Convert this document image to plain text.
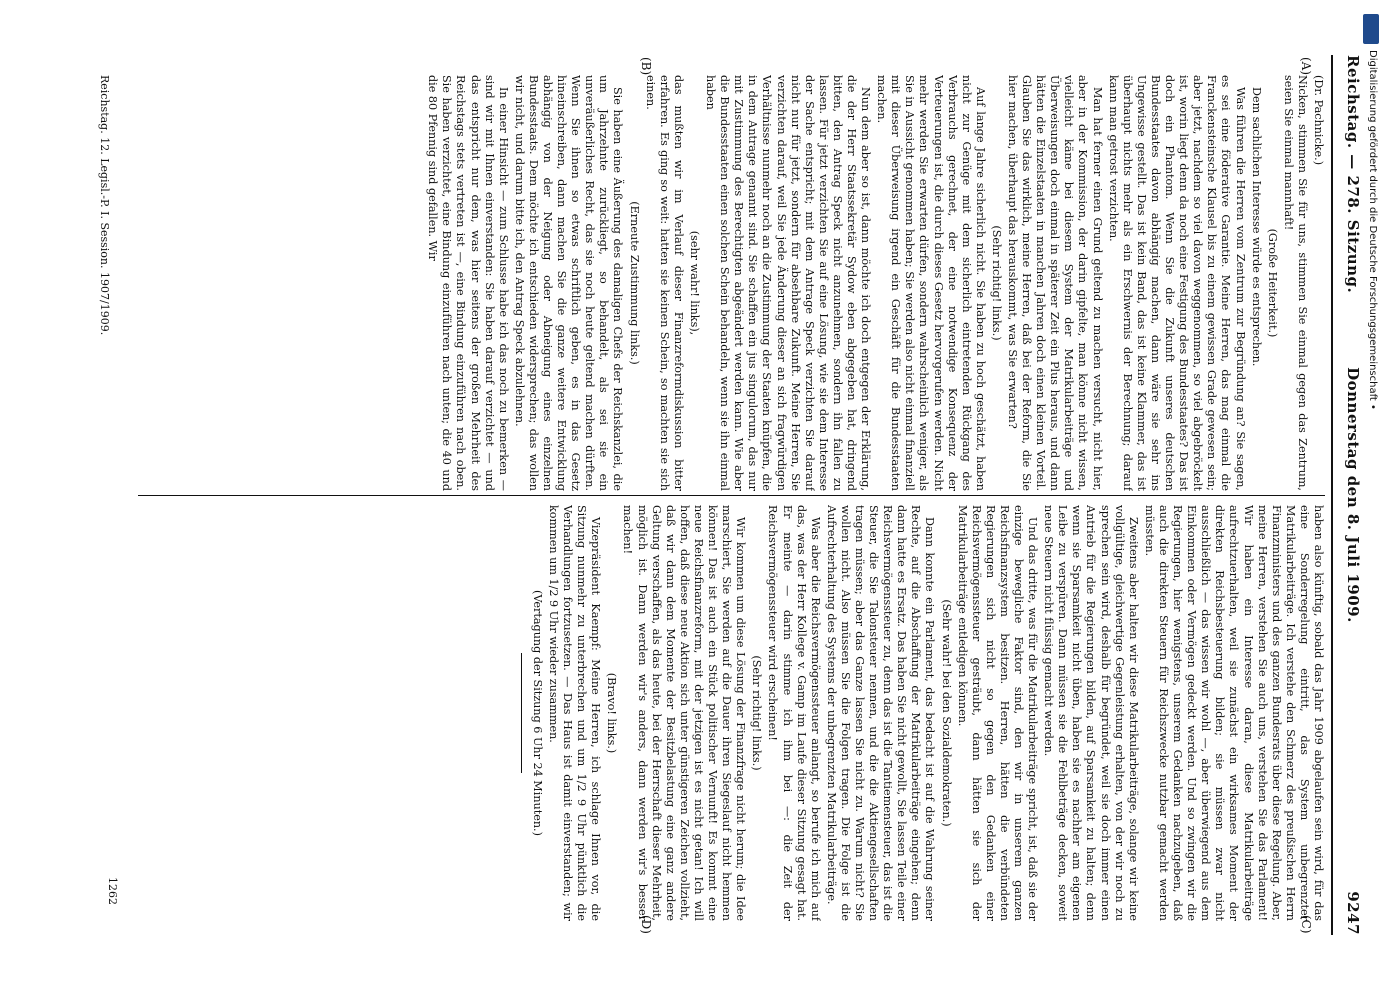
Reichstag. — 278. Sitzung.
Donnerstag den 8. Juli 1909.
9247
(A)
(B)
(C)
(D)

(Dr. Pachnicke.)

Nicken, stimmen Sie für uns, stimmen Sie einmal gegen das Zentrum, seien Sie einmal mannhaft!

(Große Heiterkeit.)

Dem sachlichen Interesse würde es entsprechen.

Was führen die Herren vom Zentrum zur Begründung an? Sie sagen, es sei eine föderative Garantie. Meine Herren, das mag einmal die Franckensteinsche Klausel bis zu einem gewissen Grade gewesen sein; aber jetzt, nachdem so viel davon weggenommen, so viel abgebröckelt ist, worin liegt denn da noch eine Festigung des Bundesstaates? Das ist doch ein Phantom. Wenn Sie die Zukunft unseres deutschen Bundesstaates davon abhängig machen, dann wäre sie sehr ins Ungewisse gestellt. Das ist kein Band, das ist keine Klammer, das ist überhaupt nichts mehr als ein Erschwernis der Berechnung; darauf kann man getrost verzichten.

Man hat ferner einen Grund geltend zu machen versucht, nicht hier, aber in der Kommission, der darin gipfelte, man könne nicht wissen, vielleicht käme bei diesem System der Matrikularbeiträge und Überweisungen doch einmal in späterer Zeit ein Plus heraus, und dann hätten die Einzelstaaten in manchen Jahren doch einen kleinen Vorteil. Glauben Sie das wirklich, meine Herren, daß bei der Reform, die Sie hier machen, überhaupt das herauskommt, was Sie erwarten?

(Sehr richtig! links.)

Auf lange Jahre sicherlich nicht. Sie haben zu hoch geschätzt, haben nicht zur Genüge mit dem sicherlich eintretenden Rückgang des Verbrauchs gerechnet, der eine notwendige Konsequenz der Verteuerungen ist, die durch dieses Gesetz hervorgerufen werden. Nicht mehr werden Sie erwarten dürfen, sondern wahrscheinlich weniger, als Sie in Aussicht genommen haben; Sie werden also nicht einmal finanziell mit dieser Überweisung irgend ein Geschäft für die Bundesstaaten machen.

Nun dem aber so ist, dann möchte ich doch entgegen der Erklärung, die der Herr Staatssekretär Sydow eben abgegeben hat, dringend bitten, den Antrag Speck nicht anzunehmen, sondern ihn fallen zu lassen. Für jetzt verzichten Sie auf eine Lösung, wie sie dem Interesse der Sache entspricht; mit dem Antrage Speck verzichten Sie darauf nicht nur für jetzt, sondern für absehbare Zukunft. Meine Herren, Sie verzichten darauf, weil Sie jede Änderung dieser an sich fragwürdigen Verhältnisse nunmehr noch an die Zustimmung der Staaten knüpfen, die in dem Antrage genannt sind. Sie schaffen ein jus singulorum, das nur mit Zustimmung des Berechtigten abgeändert werden kann. Wie aber die Bundesstaaten einen solchen Schein behandeln, wenn sie ihn einmal haben

(sehr wahr! links),

das mußten wir im Verlauf dieser Finanzreformdiskussion bitter erfahren. Es ging so weit: hatten sie keinen Schein, so machten sie sich einen.

(Erneute Zustimmung links.)

Sie haben eine Äußerung des damaligen Chefs der Reichskanzlei, die um Jahrzehnte zurückliegt, so behandelt, als sei sie ein unveräußerliches Recht, das sie noch heute geltend machen dürften. Wenn Sie ihnen so etwas schriftlich geben, es in das Gesetz hineinschreiben, dann machen Sie die ganze weitere Entwicklung abhängig von der Neigung oder Abneigung eines einzelnen Bundesstaats. Dem möchte ich entschieden widersprechen; das wollen wir nicht, und darum bitte ich, den Antrag Speck abzulehnen.

In einer Hinsicht — zum Schlusse habe ich das noch zu bemerken — sind wir mit Ihnen einverstanden: Sie haben darauf verzichtet — und das entspricht nur dem, was hier seitens der großen Mehrheit des Reichstags stets vertreten ist —, eine Bindung einzuführen nach oben. Sie haben verzichtet, eine Bindung einzuführen nach unten; die 40 und die 80 Pfennig sind gefallen. Wir

haben also künftig, sobald das Jahr 1909 abgelaufen sein wird, für das eine Sonderregelung eintritt, das System unbegrenzter Matrikularbeiträge. Ich verstehe den Schmerz des preußischen Herrn Finanzministers und des ganzen Bundesrats über diese Regelung. Aber, meine Herren, verstehen Sie auch uns, verstehen Sie das Parlament! Wir haben ein Interesse daran, diese Matrikularbeiträge aufrechtzuerhalten, weil sie zunächst ein wirksames Moment der direkten Reichsbesteuerung bilden; sie müssen zwar nicht ausschließlich — das wissen wir wohl —, aber überwiegend aus dem Einkommen oder Vermögen gedeckt werden. Und so zwingen wir die Regierungen, hier wenigstens, unserem Gedanken nachzugeben, daß auch die direkten Steuern für Reichszwecke nutzbar gemacht werden müssten.

Zweitens aber halten wir diese Matrikularbeiträge, solange wir keine vollgültige, gleichwertige Gegenleistung erhalten, von der wir noch zu sprechen sein wird, deshalb für begründet, weil sie doch immer einen Antrieb für die Regierungen bilden, auf Sparsamkeit zu halten; denn wenn sie Sparsamkeit nicht üben, haben sie es nachher am eigenen Leibe zu verspüren. Dann müssen sie die Fehlbeträge decken, soweit neue Steuern nicht flüssig gemacht werden.

Und das dritte, was für die Matrikularbeiträge spricht, ist, daß sie der einzige bewegliche Faktor sind, den wir in unserem ganzen Reichsfinanzsystem besitzen. Herren, hätten die verbündeten Regierungen sich nicht so gegen den Gedanken einer Reichsvermögenssteuer gesträubt, dann hätten sie sich der Matrikularbeiträge entledigen können.

(Sehr wahr! bei den Sozialdemokraten.)

Dann konnte ein Parlament, das bedacht ist auf die Wahrung seiner Rechte, auf die Abschaffung der Matrikularbeiträge eingehen; denn dann hatte es Ersatz. Das haben Sie nicht gewollt, Sie lassen Teile einer Reichsvermögenssteuer zu, denn das ist die Tantiemensteuer, das ist die Steuer, die Sie Talonsteuer nennen, und die die Aktiengesellschaften tragen müssen; aber das Ganze lassen Sie nicht zu. Warum nicht? Sie wollen nicht. Also müssen Sie die Folgen tragen. Die Folge ist die Aufrechterhaltung des Systems der unbegrenzten Matrikularbeiträge.

Was aber die Reichsvermögenssteuer anlangt, so berufe ich mich auf das, was der Herr Kollege v. Gamp im Laufe dieser Sitzung gesagt hat. Er meinte — darin stimme ich ihm bei —: die Zeit der Reichsvermögenssteuer wird erscheinen!

(Sehr richtig! links.)

Wir kommen um diese Lösung der Finanzfrage nicht herum; die Idee marschiert, Sie werden auf die Dauer ihren Siegeslauf nicht hemmen können! Das ist auch ein Stück politischer Vernunft! Es kommt eine neue Reichsfinanzreform, mit der jetzigen ist es nicht getan! Ich will hoffen, daß diese neue Aktion sich unter günstigeren Zeichen vollzieht, daß wir dann dem Momente der Besitzbelastung eine ganz andere Geltung verschaffen, als das heute, bei der Herrschaft dieser Mehrheit, möglich ist. Dann werden wir's anders, dann werden wir's besser machen!

(Bravo! links.)

Vizepräsident Kaempf: Meine Herren, ich schlage Ihnen vor, die Sitzung nunmehr zu unterbrechen und um 1/2 9 Uhr pünktlich die Verhandlungen fortzusetzen. — Das Haus ist damit einverstanden; wir kommen um 1/2 9 Uhr wieder zusammen.

(Vertagung der Sitzung 6 Uhr 24 Minuten.)

Reichstag. 12. Legisl.-P. I. Session. 1907/1909.
1262
Digitalisierung gefördert durch die Deutsche Forschungsgemeinschaft •
